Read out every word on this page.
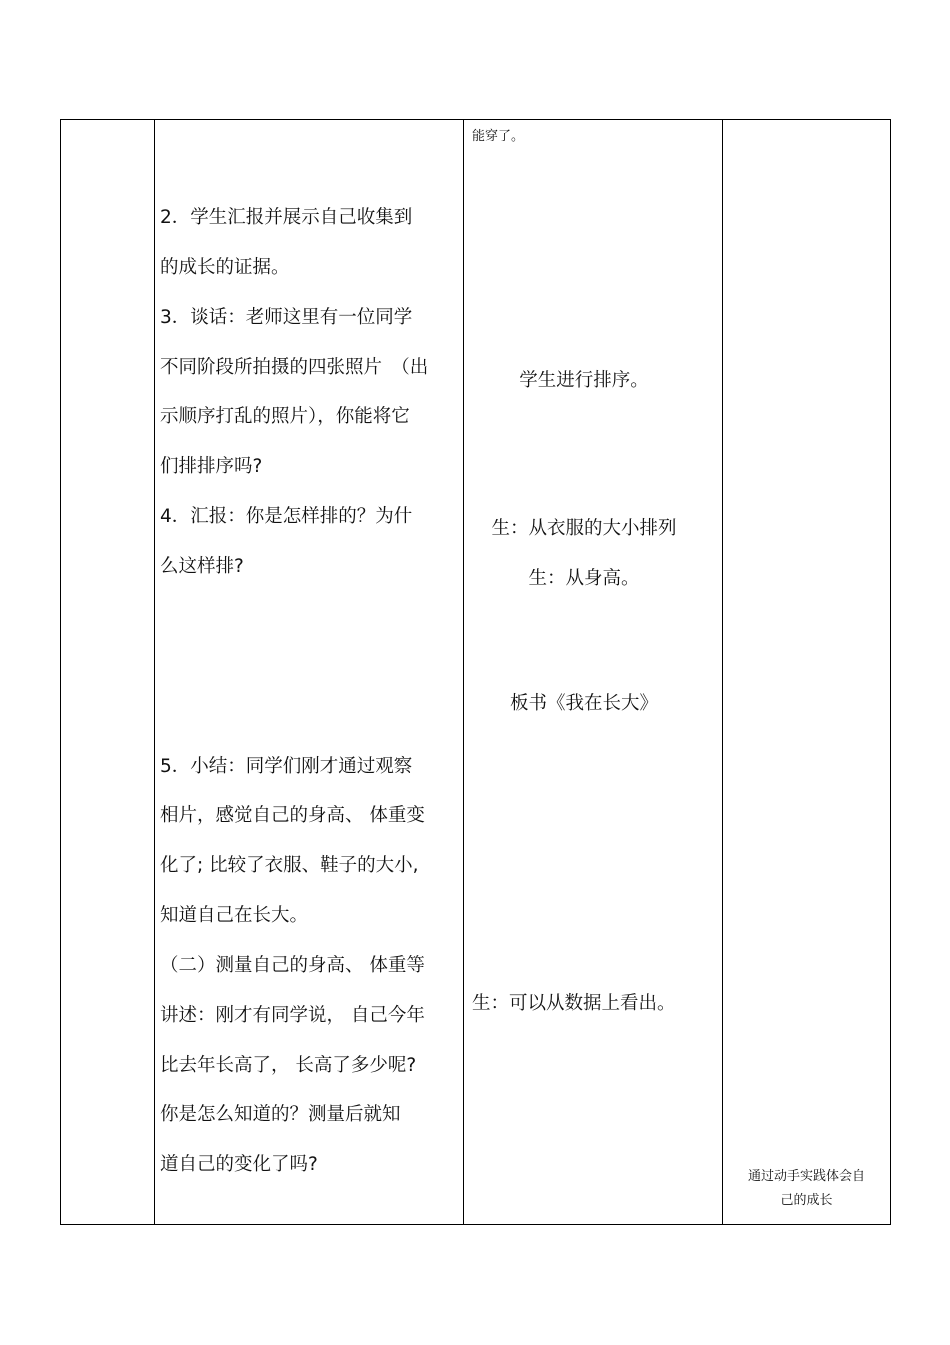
能穿了。
2．学生汇报并展示自己收集到
的成长的证据。
3．谈话：老师这里有一位同学
不同阶段所拍摄的四张照片　（出
示顺序打乱的照片），你能将它
们排排序吗?
4．汇报：你是怎样排的？为什
么这样排?
5．小结：同学们刚才通过观察
相片，感觉自己的身高、 体重变
化了; 比较了衣服、鞋子的大小,
知道自己在长大。
（二）测量自己的身高、 体重等
讲述：刚才有同学说， 自己今年
比去年长高了， 长高了多少呢?
你是怎么知道的？测量后就知
道自己的变化了吗?
学生进行排序。
生：从衣服的大小排列
生：从身高。
板书《我在长大》
生：可以从数据上看出。
通过动手实践体会自
己的成长
